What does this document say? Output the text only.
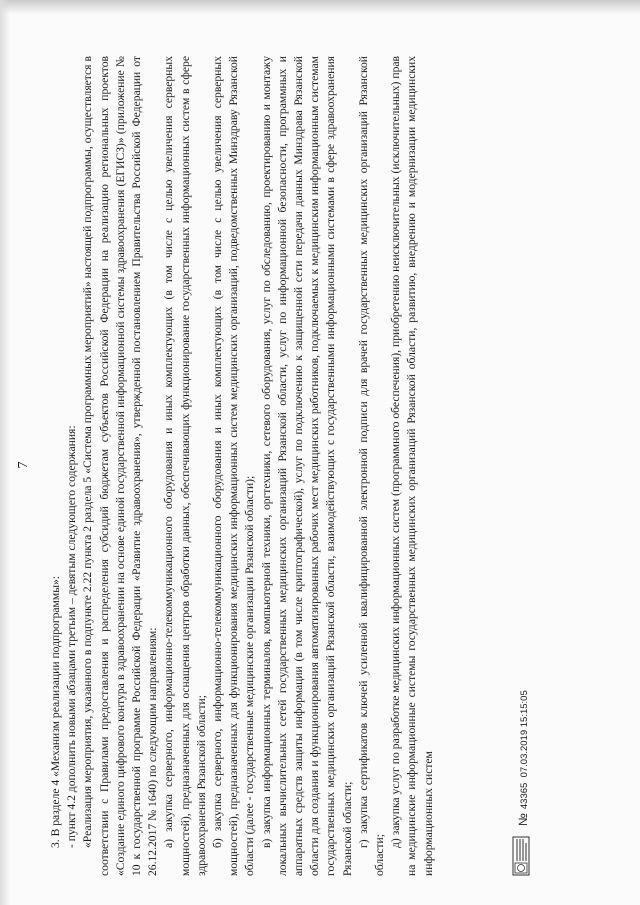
7

3. В разделе 4 «Механизм реализации подпрограммы»: - пункт 4.2 дополнить новыми абзацами третьим – девятым следующего содержания: «Реализация мероприятия, указанного в подпункте 2.22 пункта 2 раздела 5 «Система программных мероприятий» настоящей подпрограммы, осуществляется в соответствии с Правилами предоставления и распределения субсидий бюджетам субъектов Российской Федерации на реализацию региональных проектов «Создание единого цифрового контура в здравоохранении на основе единой государственной информационной системы здравоохранения (ЕГИСЗ)» (приложение № 10 к государственной программе Российской Федерации «Развитие здравоохранения», утвержденной постановлением Правительства Российской Федерации от 26.12.2017 № 1640) по следующим направлениям: а) закупка серверного, информационно-телекоммуникационного оборудования и иных комплектующих (в том числе с целью увеличения серверных мощностей), предназначенных для оснащения центров обработки данных, обеспечивающих функционирование государственных информационных систем в сфере здравоохранения Рязанской области; б) закупка серверного, информационно-телекоммуникационного оборудования и иных комплектующих (в том числе с целью увеличения серверных мощностей), предназначенных для функционирования медицинских информационных систем медицинских организаций, подведомственных Минздраву Рязанской области (далее - государственные медицинские организации Рязанской области); в) закупка информационных терминалов, компьютерной техники, оргтехники, сетевого оборудования, услуг по обследованию, проектированию и монтажу локальных вычислительных сетей государственных медицинских организаций Рязанской области, услуг по информационной безопасности, программных и аппаратных средств защиты информации (в том числе криптографической), услуг по подключению к защищенной сети передачи данных Минздрава Рязанской области для создания и функционирования автоматизированных рабочих мест медицинских работников, подключаемых к медицинским информационным системам государственных медицинских организаций Рязанской области, взаимодействующих с государственными информационными системами в сфере здравоохранения Рязанской области; г) закупка сертификатов ключей усиленной квалифицированной электронной подписи для врачей государственных медицинских организаций Рязанской области;

д) закупка услуг по разработке медицинских информационных систем (программного обеспечения), приобретению неисключительных (исключительных) прав на медицинские информационные системы государственных медицинских организаций Рязанской области, развитию, внедрению и модернизации медицинских информационных систем	№43365  07.03.2019 15:15:05
